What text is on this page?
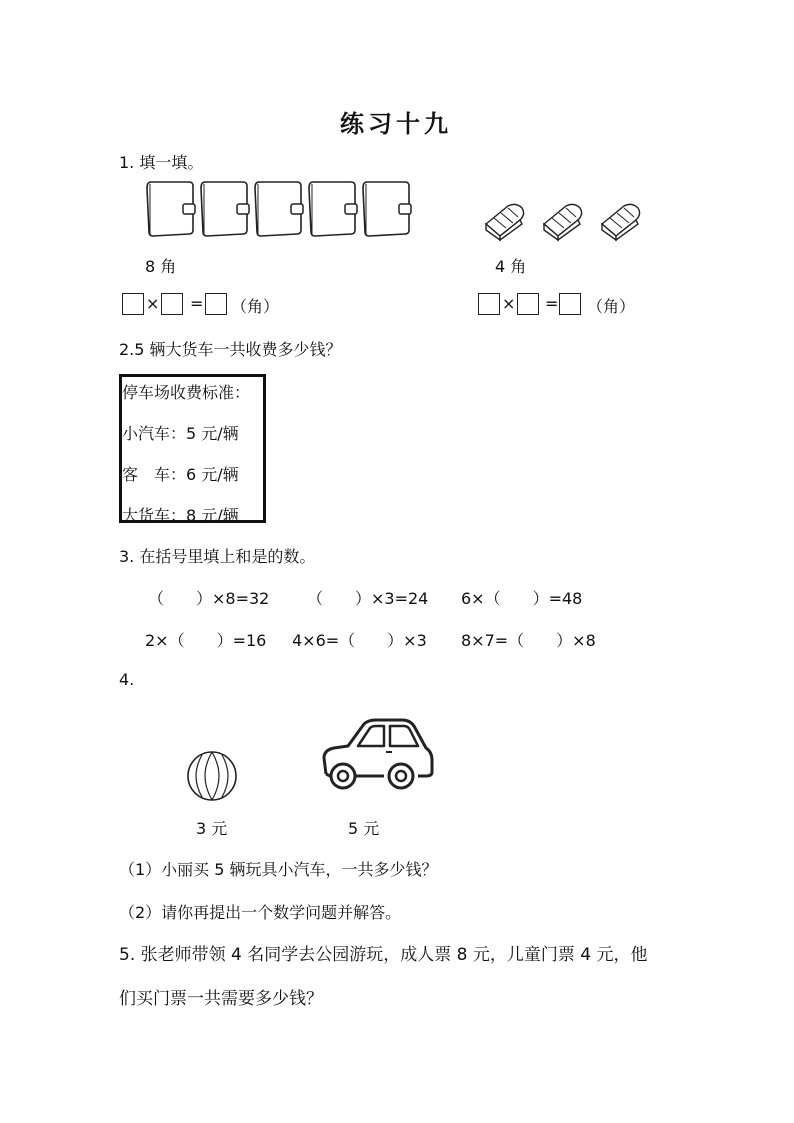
练习十九
1. 填一填。
8 角	4 角
× = （角）	× = （角）
2.5 辆大货车一共收费多少钱？
停车场收费标准：
小汽车：5 元/辆
客　车：6 元/辆
大货车：8 元/辆
3. 在括号里填上和是的数。
（　　）×8=32 （　　）×3=24 6×（　　）=48
2×（　　）=16 4×6=（　　）×3 8×7=（　　）×8
4.
3 元	5 元
（1）小丽买 5 辆玩具小汽车，一共多少钱？
（2）请你再提出一个数学问题并解答。
5. 张老师带领 4 名同学去公园游玩，成人票 8 元，儿童门票 4 元，他
们买门票一共需要多少钱？
